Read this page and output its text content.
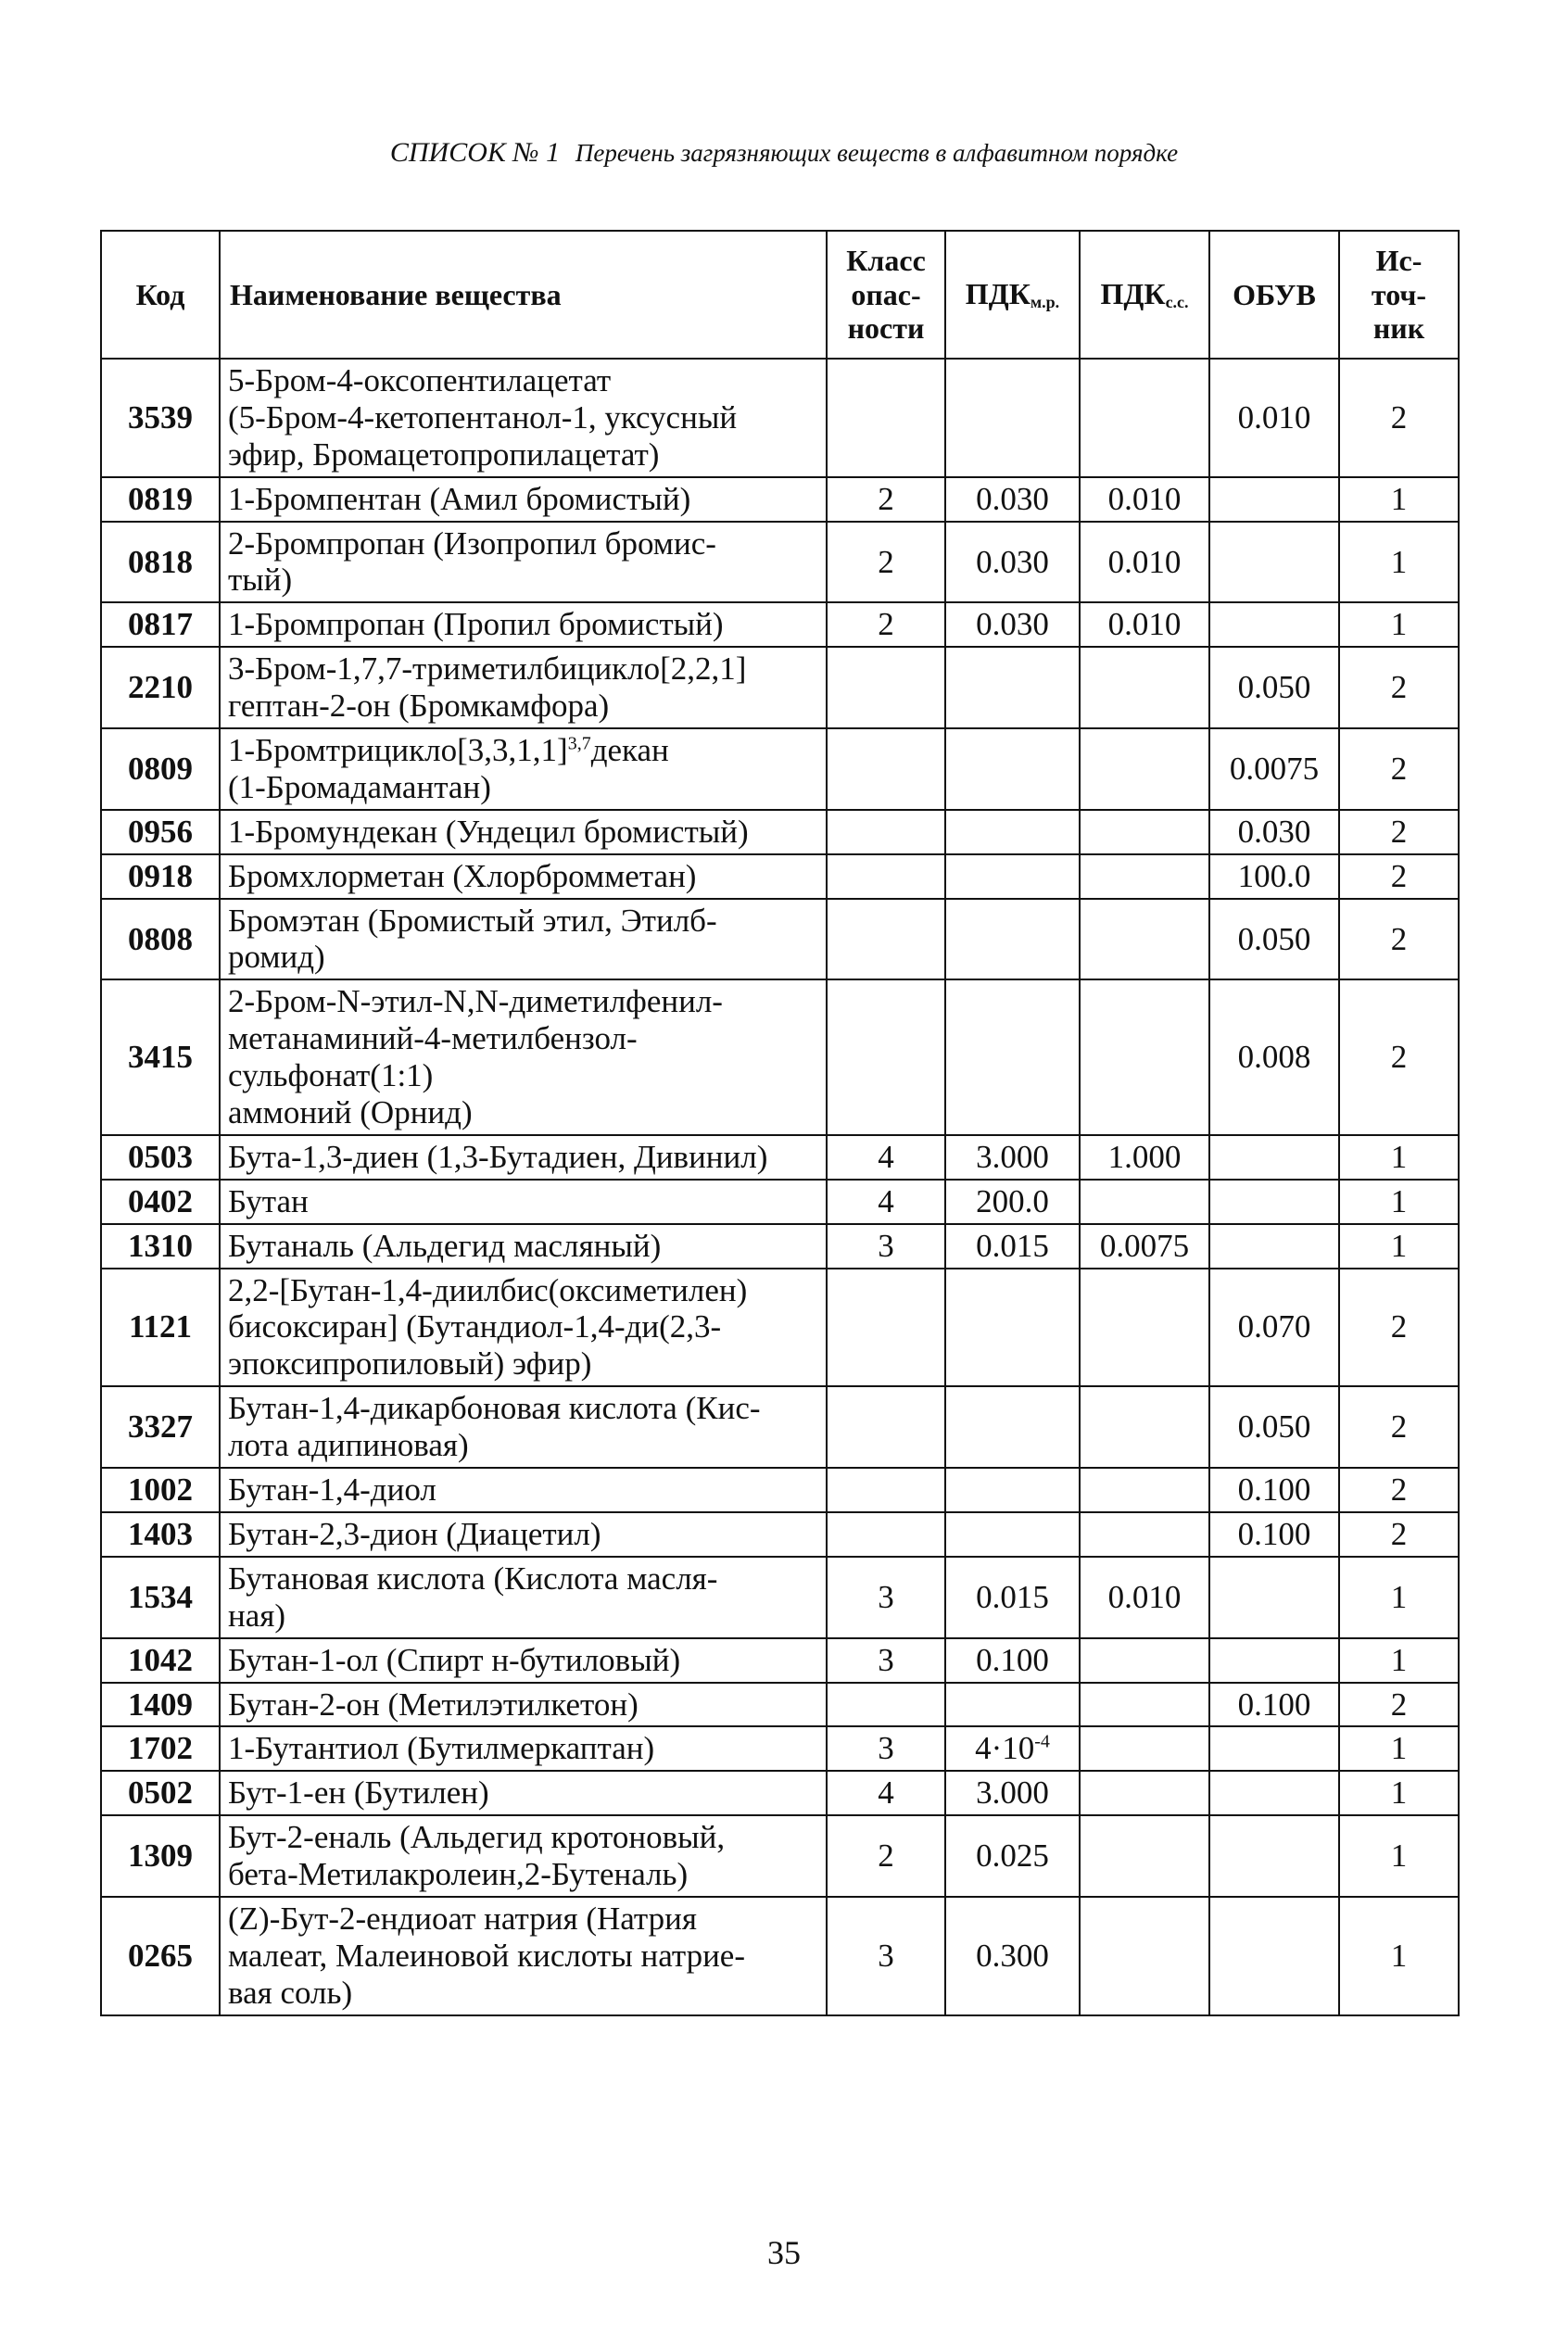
СПИСОК № 1 Перечень загрязняющих веществ в алфавитном порядке
Код	Наименование вещества	Класс
опас-
ности	$ПДК_{м.р.}$	$ПДК_{с.с.}$	ОБУВ	Ис-
точ-
ник
3539	5-Бром-4-оксопентилацетат
(5-Бром-4-кетопентанол-1, уксусный
эфир, Бромацетопропилацетат)				0.010	2
0819	1-Бромпентан (Амил бромистый)	2	0.030	0.010		1
0818	2-Бромпропан (Изопропил бромис-
тый)	2	0.030	0.010		1
0817	1-Бромпропан (Пропил бромистый)	2	0.030	0.010		1
2210	3-Бром-1,7,7-триметилбицикло[2,2,1]
гептан-2-он (Бромкамфора)				0.050	2
0809	$1-Бромтрицикло[3,3,1,1]^{3,7}декан$
(1-Бромадамантан)				0.0075	2
0956	1-Бромундекан (Ундецил бромистый)				0.030	2
0918	Бромхлорметан (Хлорбромметан)				100.0	2
0808	Бромэтан (Бромистый этил, Этилб-
ромид)				0.050	2
3415	2-Бром-N-этил-N,N-диметилфенил-
метанаминий-4-метилбензол-
сульфонат(1:1)
аммоний (Орнид)				0.008	2
0503	Бута-1,3-диен (1,3-Бутадиен, Дивинил)	4	3.000	1.000		1
0402	Бутан	4	200.0			1
1310	Бутаналь (Альдегид масляный)	3	0.015	0.0075		1
1121	2,2-[Бутан-1,4-диилбис(оксиметилен)
бисоксиран] (Бутандиол-1,4-ди(2,3-
эпоксипропиловый) эфир)				0.070	2
3327	Бутан-1,4-дикарбоновая кислота (Кис-
лота адипиновая)				0.050	2
1002	Бутан-1,4-диол				0.100	2
1403	Бутан-2,3-дион (Диацетил)				0.100	2
1534	Бутановая кислота (Кислота масля-
ная)	3	0.015	0.010		1
1042	Бутан-1-ол (Спирт н-бутиловый)	3	0.100			1
1409	Бутан-2-он (Метилэтилкетон)				0.100	2
1702	1-Бутантиол (Бутилмеркаптан)	3	$4\cdot 10^{-4}$			1
0502	Бут-1-ен (Бутилен)	4	3.000			1
1309	Бут-2-еналь (Альдегид кротоновый,
бета-Метилакролеин,2-Бутеналь)	2	0.025			1
0265	(Z)-Бут-2-ендиоат натрия (Натрия
малеат, Малеиновой кислоты натрие-
вая соль)	3	0.300			1
35
